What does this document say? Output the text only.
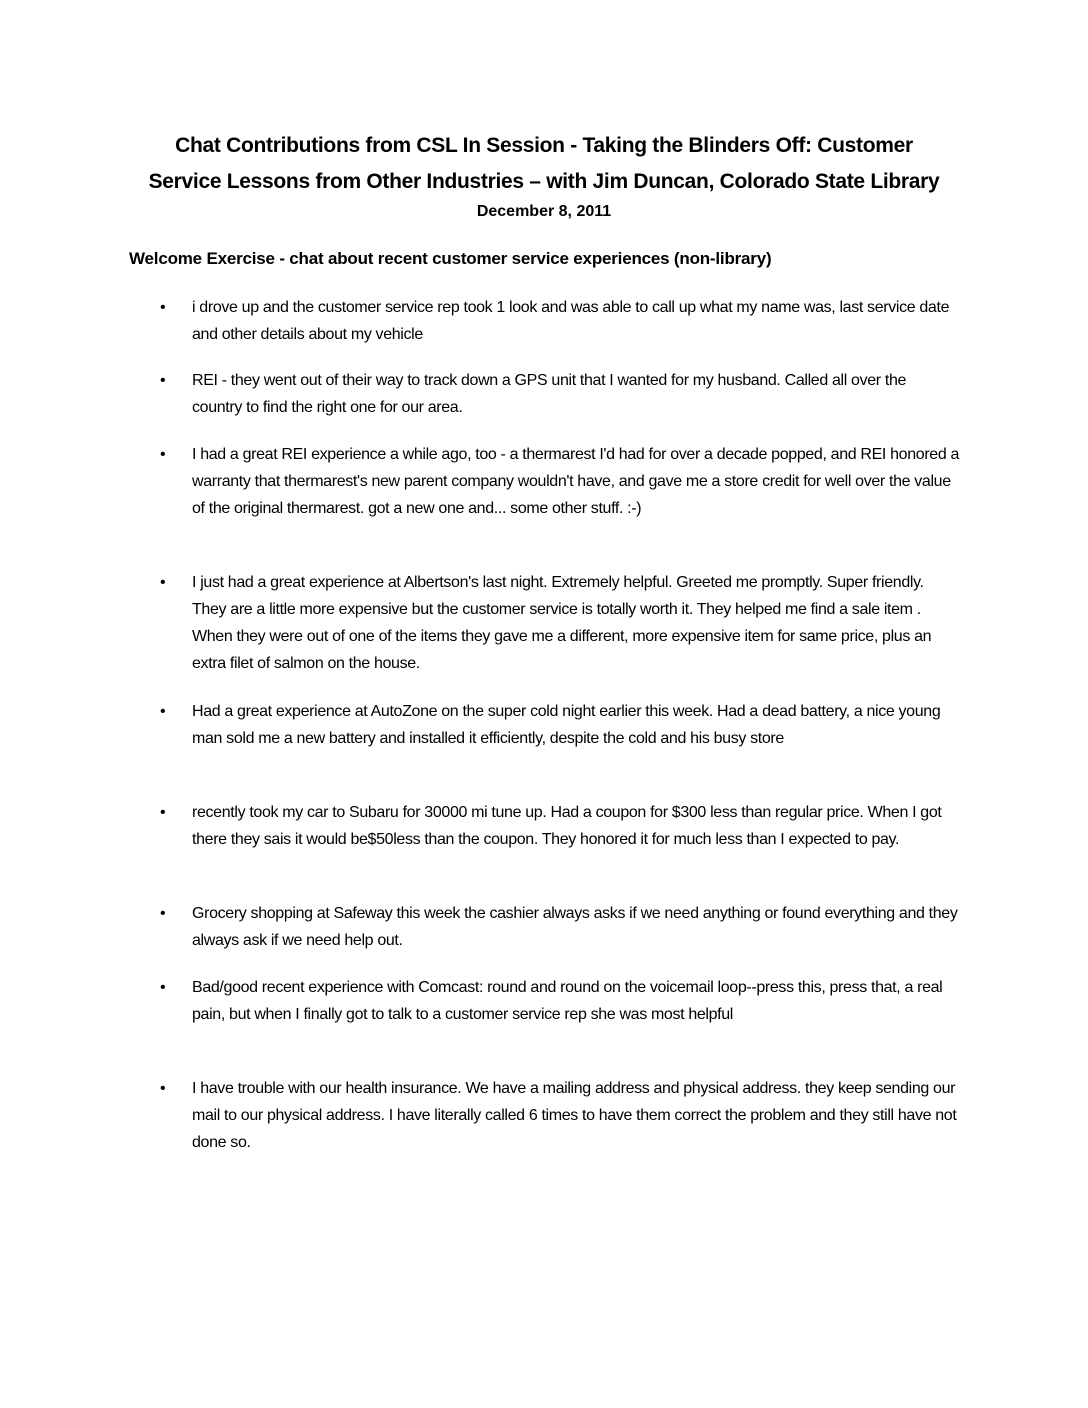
Chat Contributions from CSL In Session - Taking the Blinders Off: Customer
Service Lessons from Other Industries – with Jim Duncan, Colorado State Library
December 8, 2011
Welcome Exercise - chat about recent customer service experiences (non-library)
•	i drove up and the customer service rep took 1 look and was able to call up what my name was, last service date and other details about my vehicle
•	REI - they went out of their way to track down a GPS unit that I wanted for my husband. Called all over the country to find the right one for our area.
•	I had a great REI experience a while ago, too - a thermarest I'd had for over a decade popped, and REI honored a warranty that thermarest's new parent company wouldn't have, and gave me a store credit for well over the value of the original thermarest. got a new one and... some other stuff. :-)
•	I just had a great experience at Albertson's last night. Extremely helpful. Greeted me promptly. Super friendly. They are a little more expensive but the customer service is totally worth it. They helped me find a sale item . When they were out of one of the items they gave me a different, more expensive item for same price, plus an extra filet of salmon on the house.
•	Had a great experience at AutoZone on the super cold night earlier this week. Had a dead battery, a nice young man sold me a new battery and installed it efficiently, despite the cold and his busy store
•	recently took my car to Subaru for 30000 mi tune up. Had a coupon for $300 less than regular price. When I got there they sais it would be$50less than the coupon. They honored it for much less than I expected to pay.
•	Grocery shopping at Safeway this week the cashier always asks if we need anything or found everything and they always ask if we need help out.
•	Bad/good recent experience with Comcast: round and round on the voicemail loop--press this, press that, a real pain, but when I finally got to talk to a customer service rep she was most helpful
•	I have trouble with our health insurance. We have a mailing address and physical address. they keep sending our mail to our physical address. I have literally called 6 times to have them correct the problem and they still have not done so.
